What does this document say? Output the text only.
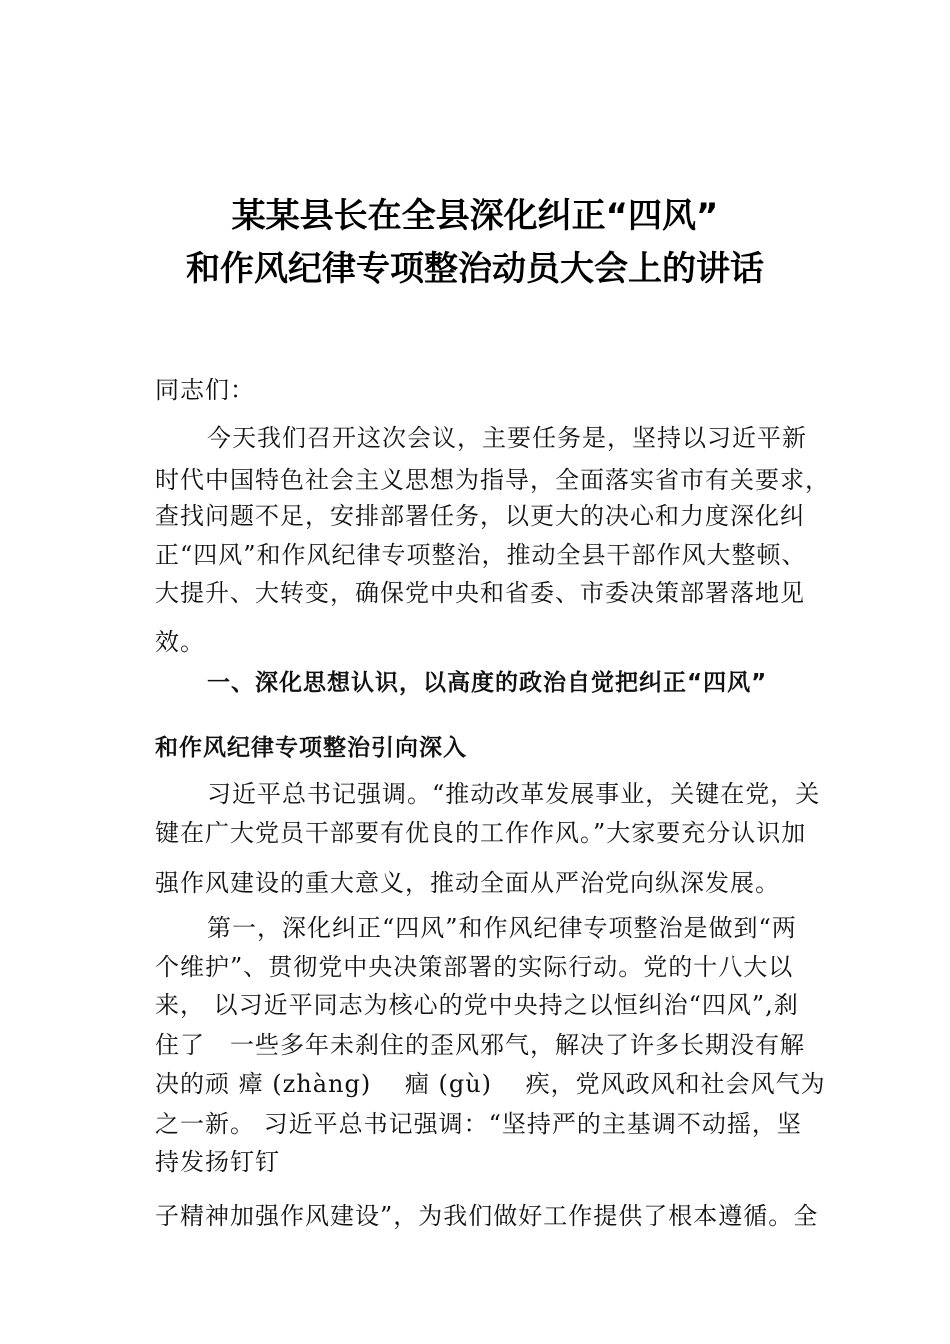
某某县长在全县深化纠正“四风”
和作风纪律专项整治动员大会上的讲话
同志们：
今天我们召开这次会议，主要任务是，坚持以习近平新
时代中国特色社会主义思想为指导，全面落实省市有关要求，
查找问题不足，安排部署任务，以更大的决心和力度深化纠
正“四风”和作风纪律专项整治，推动全县干部作风大整顿、
大提升、大转变，确保党中央和省委、市委决策部署落地见
效。
一、深化思想认识，以高度的政治自觉把纠正“四风”
和作风纪律专项整治引向深入
习近平总书记强调。“推动改革发展事业，关键在党，关
键在广大党员干部要有优良的工作作风。”大家要充分认识加
强作风建设的重大意义，推动全面从严治党向纵深发展。
第一，深化纠正“四风”和作风纪律专项整治是做到“两
个维护”、贯彻党中央决策部署的实际行动。党的十八大以
来， 以习近平同志为核心的党中央持之以恒纠治“四风”,刹
住了　一些多年未刹住的歪风邪气，解决了许多长期没有解
决的顽 瘴 (zhàng)　 痼 (gù)　 疾，党风政风和社会风气为
之一新。 习近平总书记强调：“坚持严的主基调不动摇，坚
持发扬钉钉
子精神加强作风建设”，为我们做好工作提供了根本遵循。全
